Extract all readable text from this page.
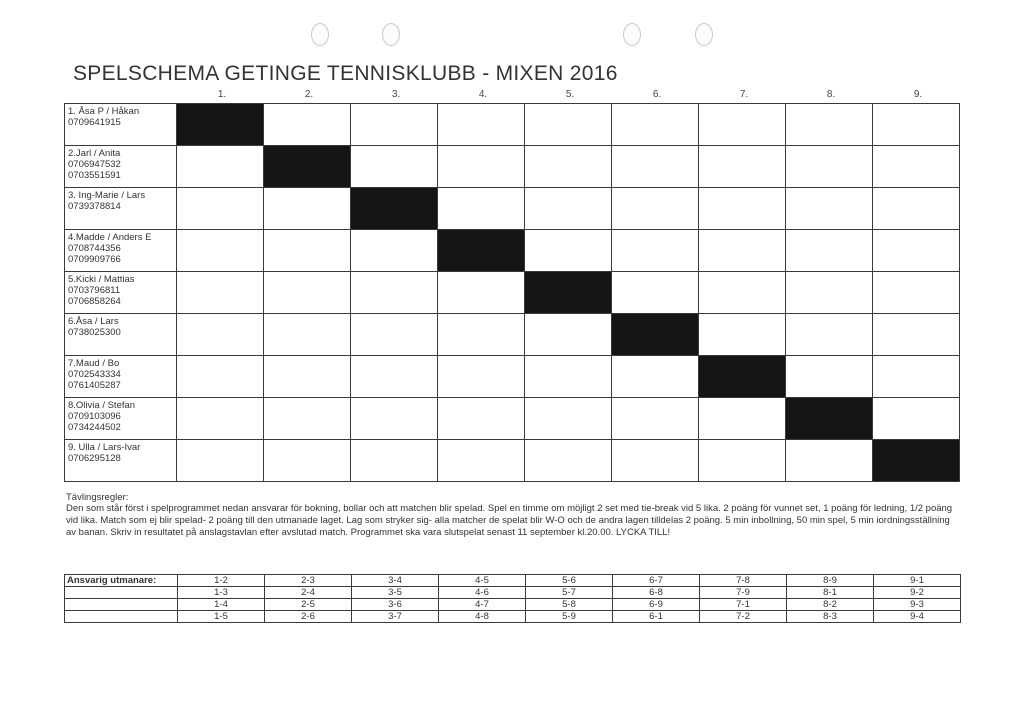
SPELSCHEMA GETINGE TENNISKLUBB - MIXEN 2016
1.	2.	3.	4.	5.	6.	7.	8.	9.
1. Åsa P / Håkan
0709641915									

2.Jarl / Anita
0706947532
0703551591									

3. Ing-Marie / Lars
0739378814									

4.Madde / Anders E
0708744356
0709909766									

5.Kicki / Mattias
0703796811
0706858264									

6.Åsa / Lars
0738025300									

7.Maud / Bo
0702543334
0761405287									

8.Olivia / Stefan
0709103096
0734244502									

9. Ulla / Lars-Ivar
0706295128									

Tävlingsregler:
Den som står först i spelprogrammet nedan ansvarar för bokning, bollar och att matchen blir spelad. Spel en timme om möjligt 2 set med tie-break vid 5 lika. 2 poäng för vunnet set, 1 poäng för ledning, 1/2 poäng vid lika. Match som ej blir spelad- 2 poäng till den utmanade laget. Lag som stryker sig- alla matcher de spelat blir W-O och de andra lagen tilldelas 2 poäng. 5 min inbollning, 50 min spel, 5 min iordningsställning av banan. Skriv in resultatet på anslagstavlan efter avslutad match. Programmet ska vara slutspelat senast 11 september kl.20.00. LYCKA TILL!
Ansvarig utmanare:	1-2	2-3	3-4	4-5	5-6	6-7	7-8	8-9	9-1
	1-3	2-4	3-5	4-6	5-7	6-8	7-9	8-1	9-2
	1-4	2-5	3-6	4-7	5-8	6-9	7-1	8-2	9-3
	1-5	2-6	3-7	4-8	5-9	6-1	7-2	8-3	9-4
